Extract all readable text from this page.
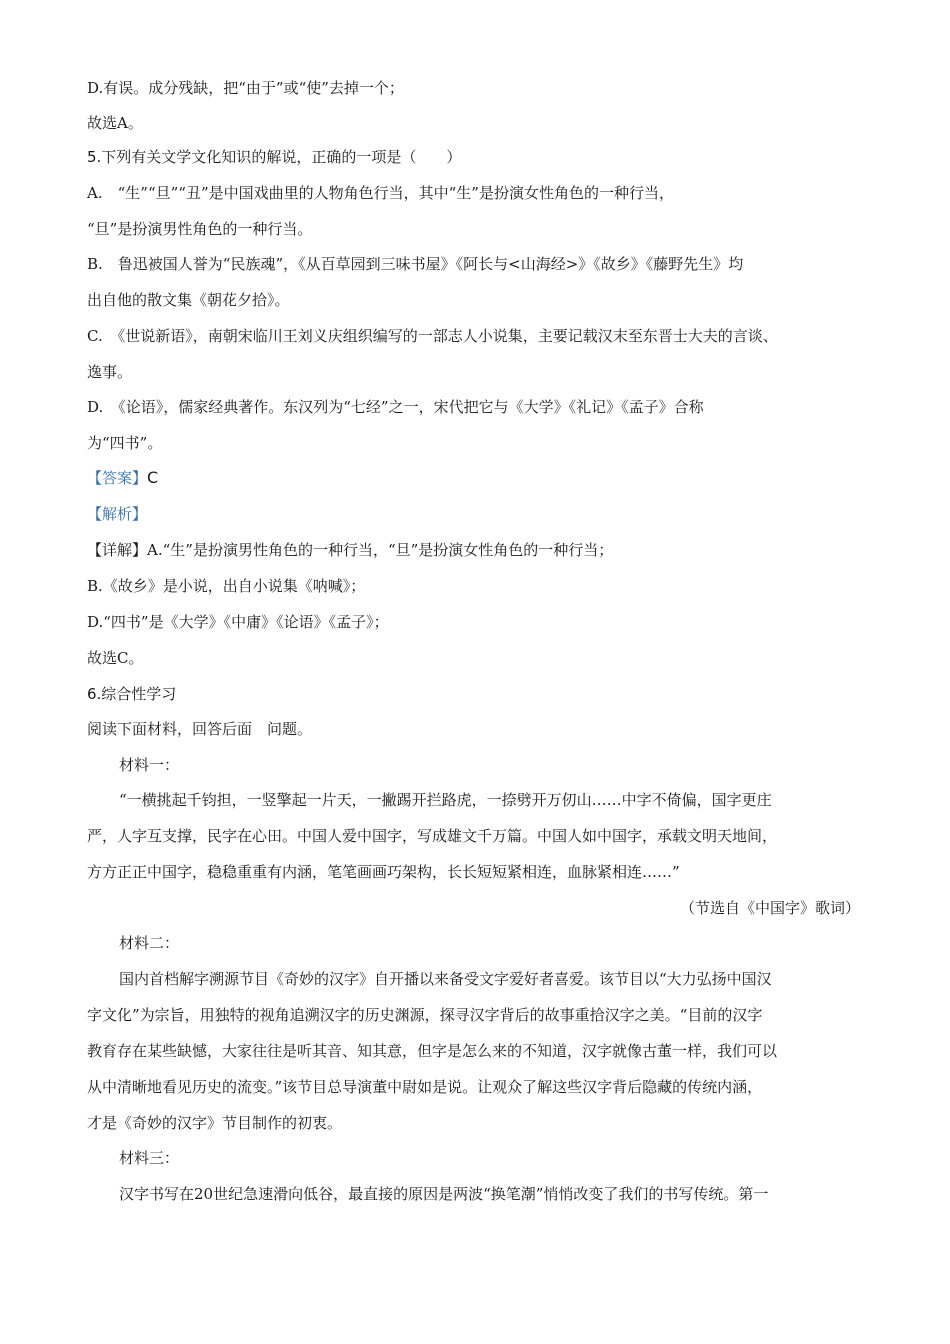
D.有误。成分残缺，把“由于”或“使”去掉一个；
故选A。
5.下列有关文学文化知识的解说，正确的一项是（　　）
A.　“生”“旦”“丑”是中国戏曲里的人物角色行当，其中“生”是扮演女性角色的一种行当，
“旦”是扮演男性角色的一种行当。
B.　鲁迅被国人誉为“民族魂”，《从百草园到三味书屋》《阿长与<山海经>》《故乡》《藤野先生》均
出自他的散文集《朝花夕拾》。
C.　《世说新语》，南朝宋临川王刘义庆组织编写的一部志人小说集，主要记载汉末至东晋士大夫的言谈、
逸事。
D.　《论语》，儒家经典著作。东汉列为“七经”之一，宋代把它与《大学》《礼记》《孟子》合称
为“四书”。
【答案】C
【解析】
【详解】A.“生”是扮演男性角色的一种行当，“旦”是扮演女性角色的一种行当；
B.《故乡》是小说，出自小说集《呐喊》；
D.“四书”是《大学》《中庸》《论语》《孟子》；
故选C。
6.综合性学习
阅读下面材料，回答后面　问题。
材料一：
“一横挑起千钧担，一竖擎起一片天，一撇踢开拦路虎，一捺劈开万仞山……中字不倚偏，国字更庄
严，人字互支撑，民字在心田。中国人爱中国字，写成雄文千万篇。中国人如中国字，承载文明天地间，
方方正正中国字，稳稳重重有内涵，笔笔画画巧架构，长长短短紧相连，血脉紧相连……”
（节选自《中国字》歌词）
材料二：
国内首档解字溯源节目《奇妙的汉字》自开播以来备受文字爱好者喜爱。该节目以“大力弘扬中国汉
字文化”为宗旨，用独特的视角追溯汉字的历史渊源，探寻汉字背后的故事重拾汉字之美。“目前的汉字
教育存在某些缺憾，大家往往是听其音、知其意，但字是怎么来的不知道，汉字就像古董一样，我们可以
从中清晰地看见历史的流变。”该节目总导演董中尉如是说。让观众了解这些汉字背后隐藏的传统内涵，
才是《奇妙的汉字》节目制作的初衷。
材料三：
汉字书写在20世纪急速滑向低谷，最直接的原因是两波“换笔潮”悄悄改变了我们的书写传统。第一
